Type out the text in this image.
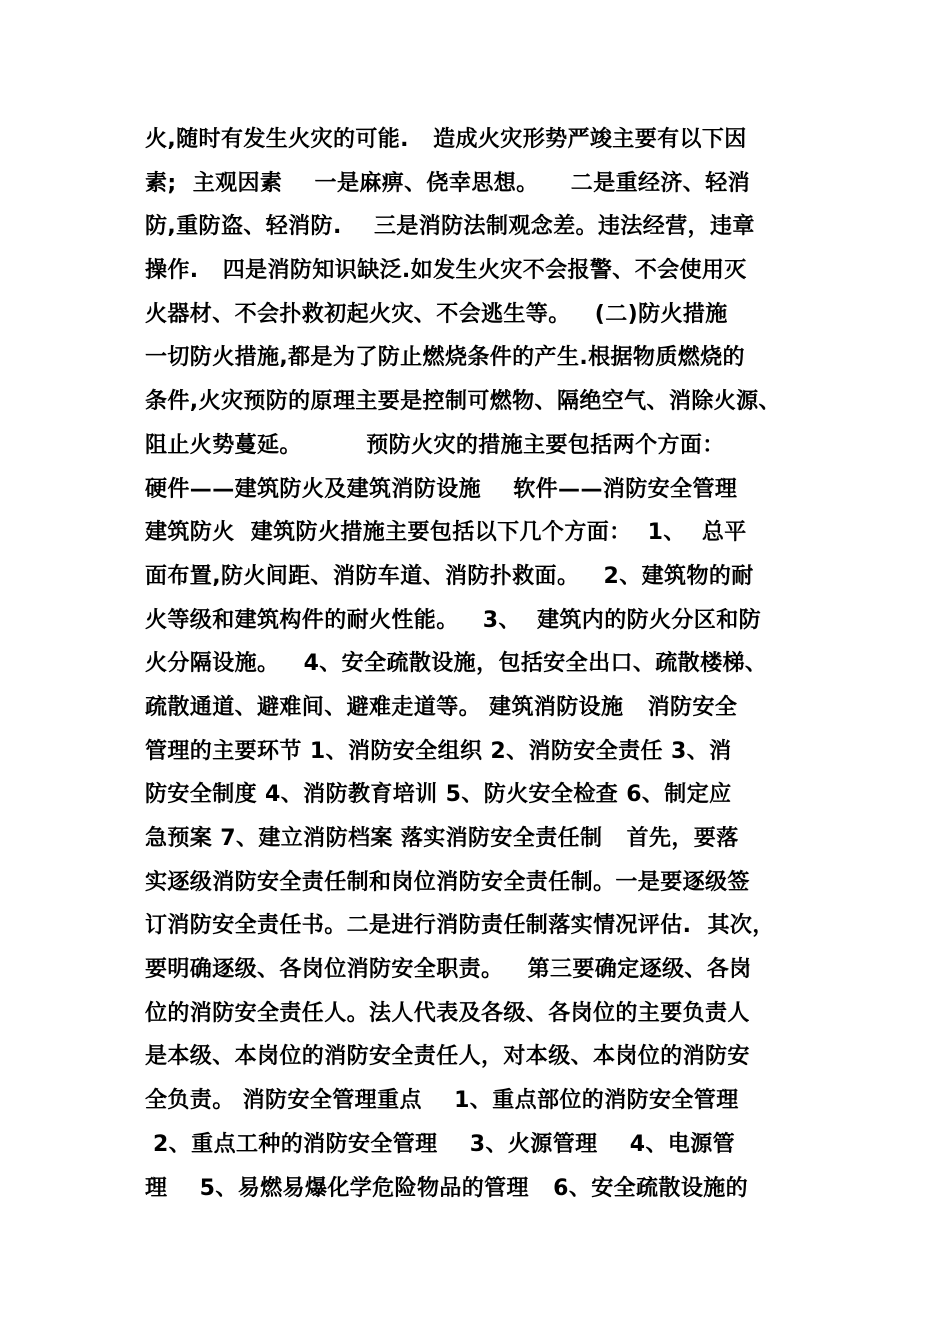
火,随时有发生火灾的可能.   造成火灾形势严竣主要有以下因
素;  主观因素    一是麻痹、侥幸思想。    二是重经济、轻消
防,重防盗、轻消防.    三是消防法制观念差。违法经营，违章
操作.   四是消防知识缺泛.如发生火灾不会报警、不会使用灭
火器材、不会扑救初起火灾、不会逃生等。   (二)防火措施
一切防火措施,都是为了防止燃烧条件的产生.根据物质燃烧的
条件,火灾预防的原理主要是控制可燃物、隔绝空气、消除火源、
阻止火势蔓延。        预防火灾的措施主要包括两个方面：
硬件——建筑防火及建筑消防设施    软件——消防安全管理
建筑防火  建筑防火措施主要包括以下几个方面：  1、  总平
面布置,防火间距、消防车道、消防扑救面。   2、建筑物的耐
火等级和建筑构件的耐火性能。   3、  建筑内的防火分区和防
火分隔设施。   4、安全疏散设施，包括安全出口、疏散楼梯、
疏散通道、避难间、避难走道等。 建筑消防设施   消防安全
管理的主要环节 1、消防安全组织 2、消防安全责任 3、消
防安全制度 4、消防教育培训 5、防火安全检查 6、制定应
急预案 7、建立消防档案 落实消防安全责任制   首先，要落
实逐级消防安全责任制和岗位消防安全责任制。一是要逐级签
订消防安全责任书。二是进行消防责任制落实情况评估.  其次，
要明确逐级、各岗位消防安全职责。   第三要确定逐级、各岗
位的消防安全责任人。法人代表及各级、各岗位的主要负责人
是本级、本岗位的消防安全责任人，对本级、本岗位的消防安
全负责。 消防安全管理重点    1、重点部位的消防安全管理
2、重点工种的消防安全管理    3、火源管理    4、电源管
理    5、易燃易爆化学危险物品的管理   6、安全疏散设施的
